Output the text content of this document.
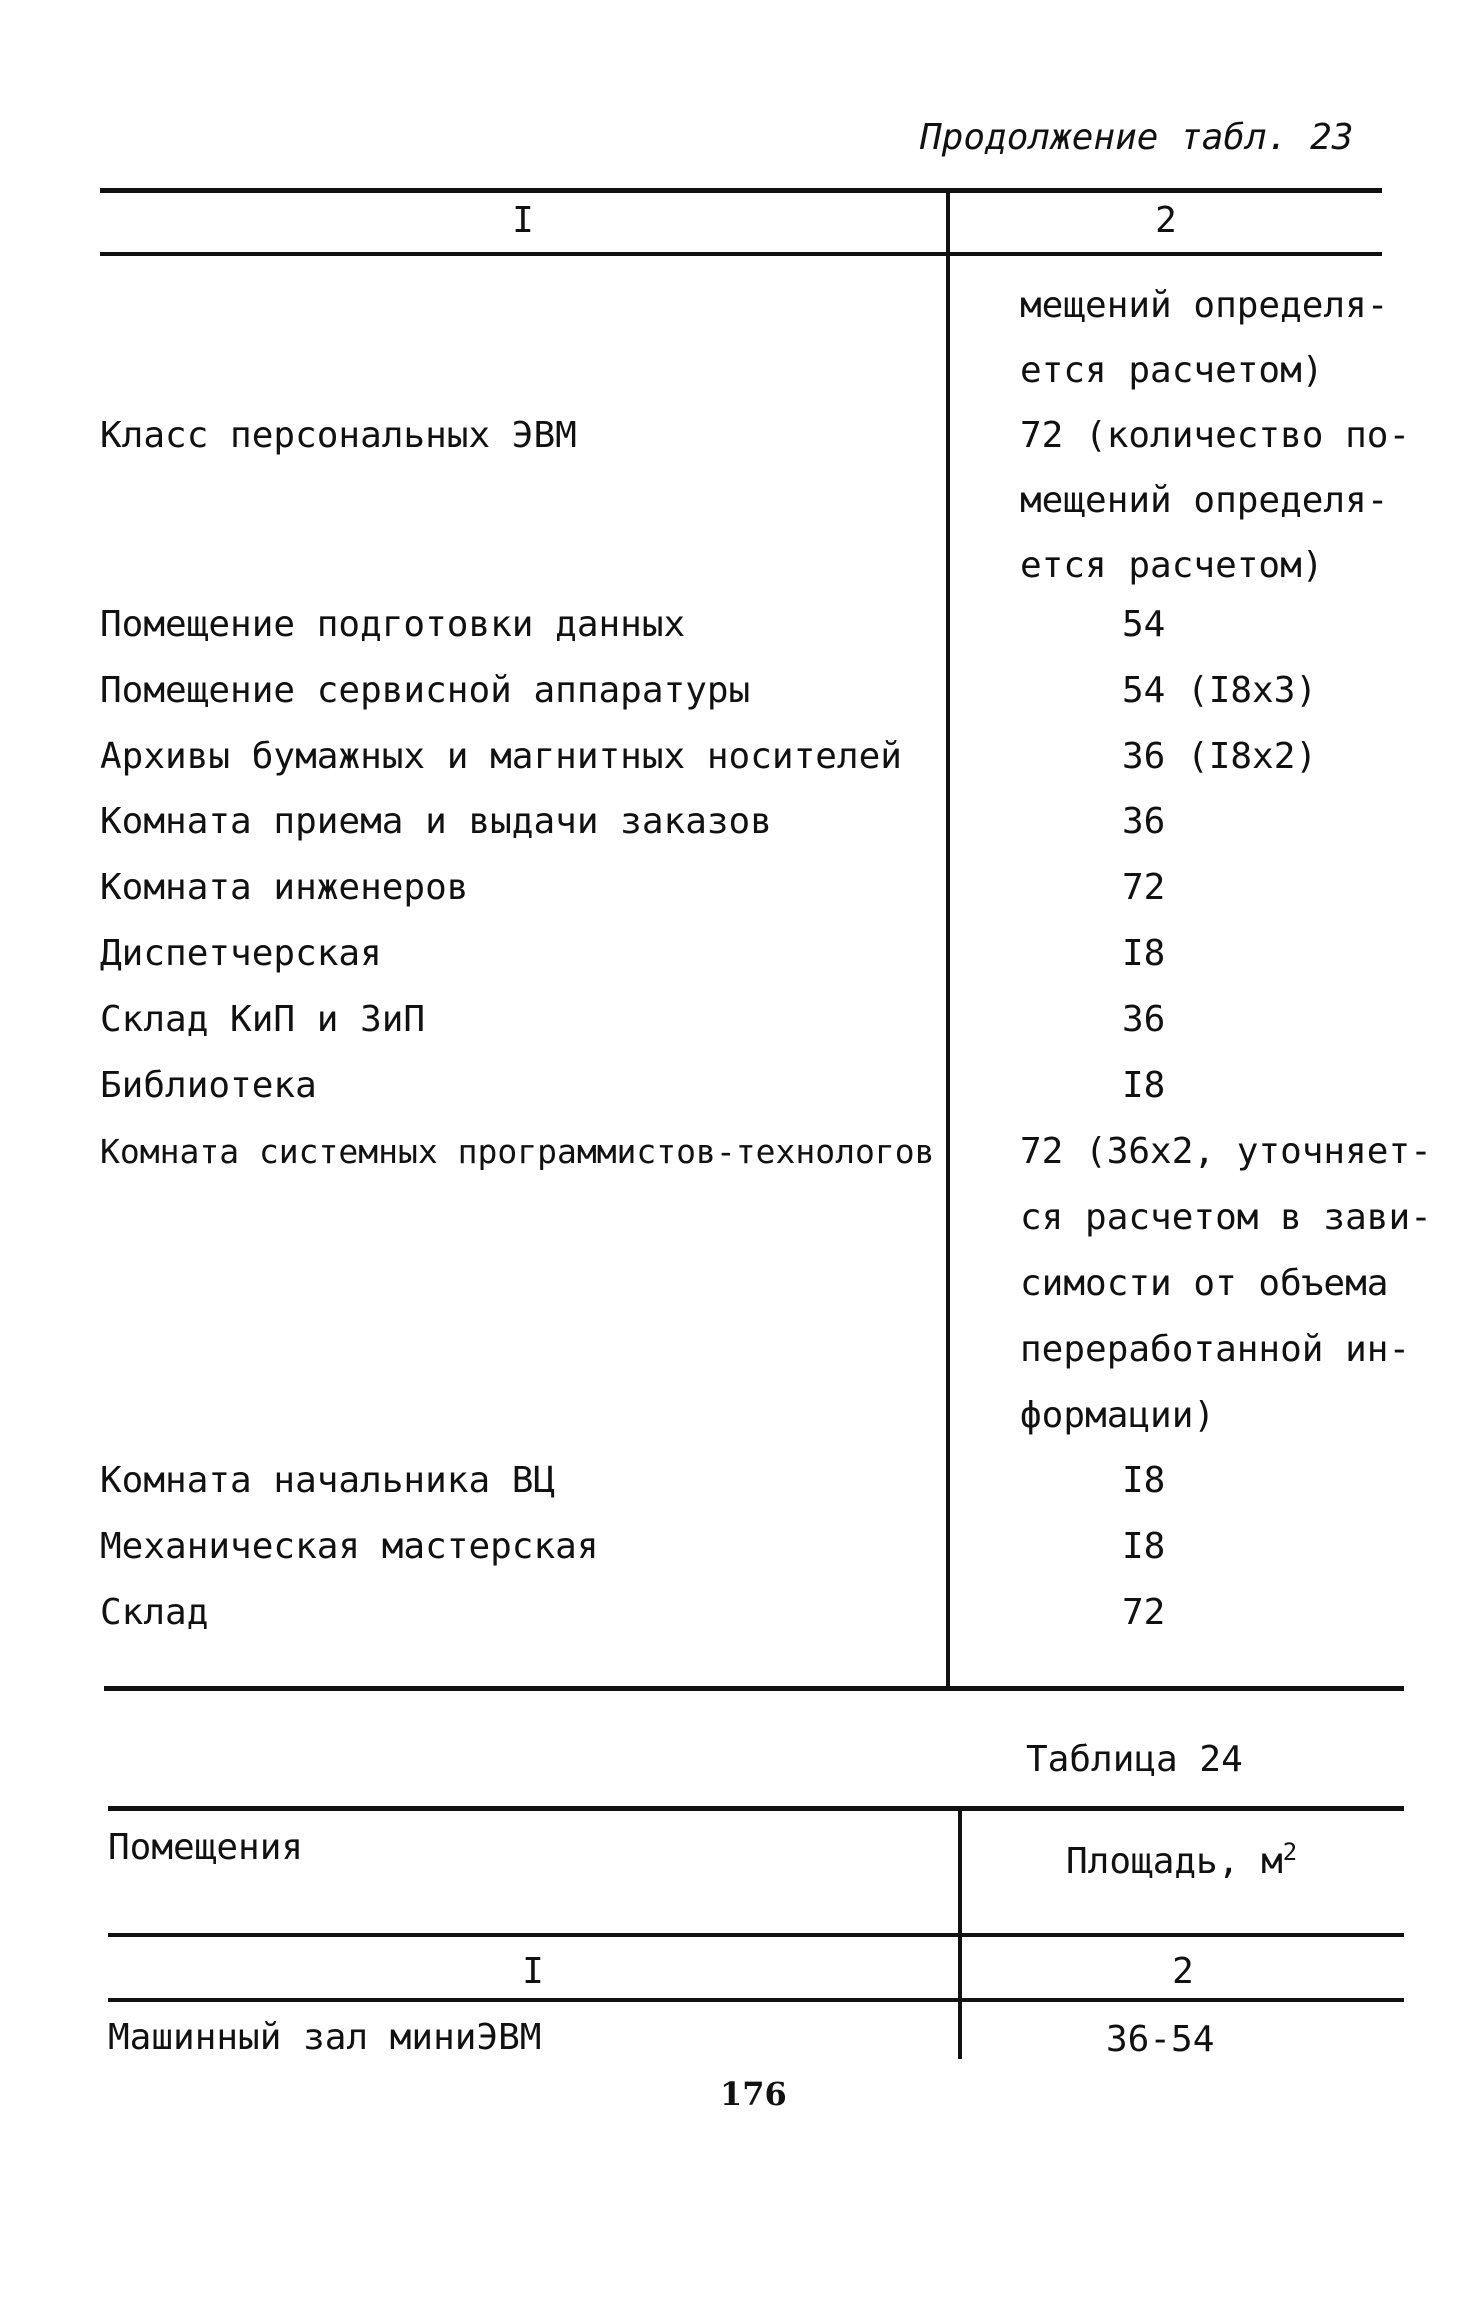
Продолжение табл. 23
I	2
мещений определя-
ется расчетом)
Класс персональных ЭВМ	72 (количество по-
мещений определя-
ется расчетом)
Помещение подготовки данных	54
Помещение сервисной аппаратуры	54 (I8x3)
Архивы бумажных и магнитных носителей	36 (I8x2)
Комната приема и выдачи заказов	36
Комната инженеров	72
Диспетчерская	I8
Склад КиП и ЗиП	36
Библиотека	I8
Комната системных программистов-технологов 72 (36x2, уточняет-
ся расчетом в зави-
симости от объема
переработанной ин-
формации)
Комната начальника ВЦ	I8
Механическая мастерская	I8
Склад	72
Таблица 24
Помещения	Площадь, $м^2$
I	2
Машинный зал миниЭВМ	36-54
176
